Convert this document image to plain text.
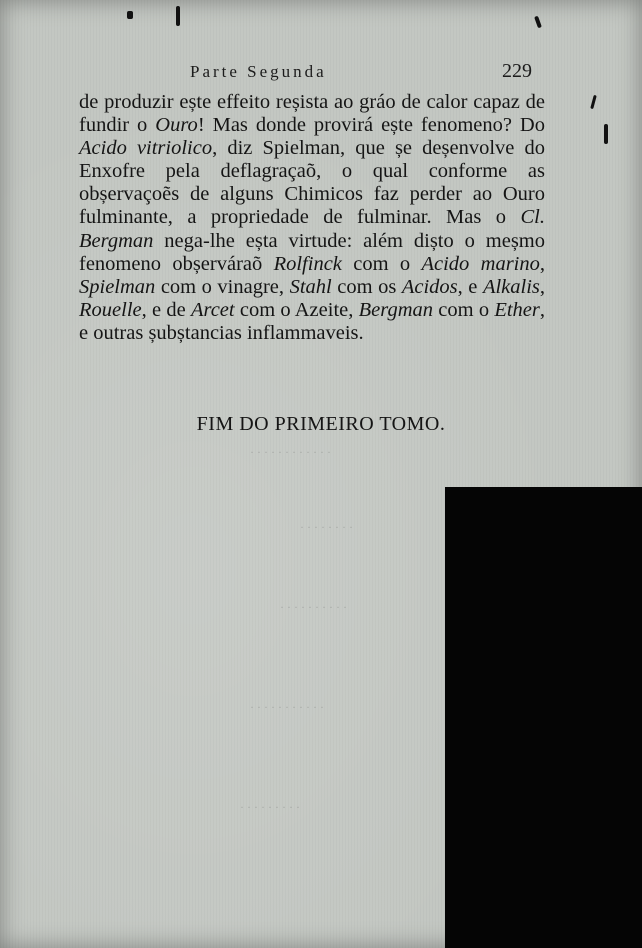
· · · · · · · · · · · ·
· · · · · · · ·
· · · · · · · · · ·
· · · · · · · · · · ·
· · · · · · · · ·
Parte Segunda	229

de produzir ește effeito reșista ao gráo de calor capaz de fundir o Ouro! Mas donde provirá ește fenomeno? Do Acido vitriolico, diz Spielman, que șe deșenvolve do Enxofre pela deflagraçaõ, o qual conforme as obșervaçoẽs de alguns Chimicos faz perder ao Ouro fulminante, a propriedade de fulminar. Mas o Cl. Bergman nega-lhe eșta virtude: além dișto o meșmo fenomeno obșerváraõ Rolfinck com o Acido marino, Spielman com o vinagre, Stahl com os Acidos, e Alkalis, Rouelle, e de Arcet com o Azeite, Bergman com o Ether, e outras șubștancias inflammaveis.

FIM DO PRIMEIRO TOMO.
